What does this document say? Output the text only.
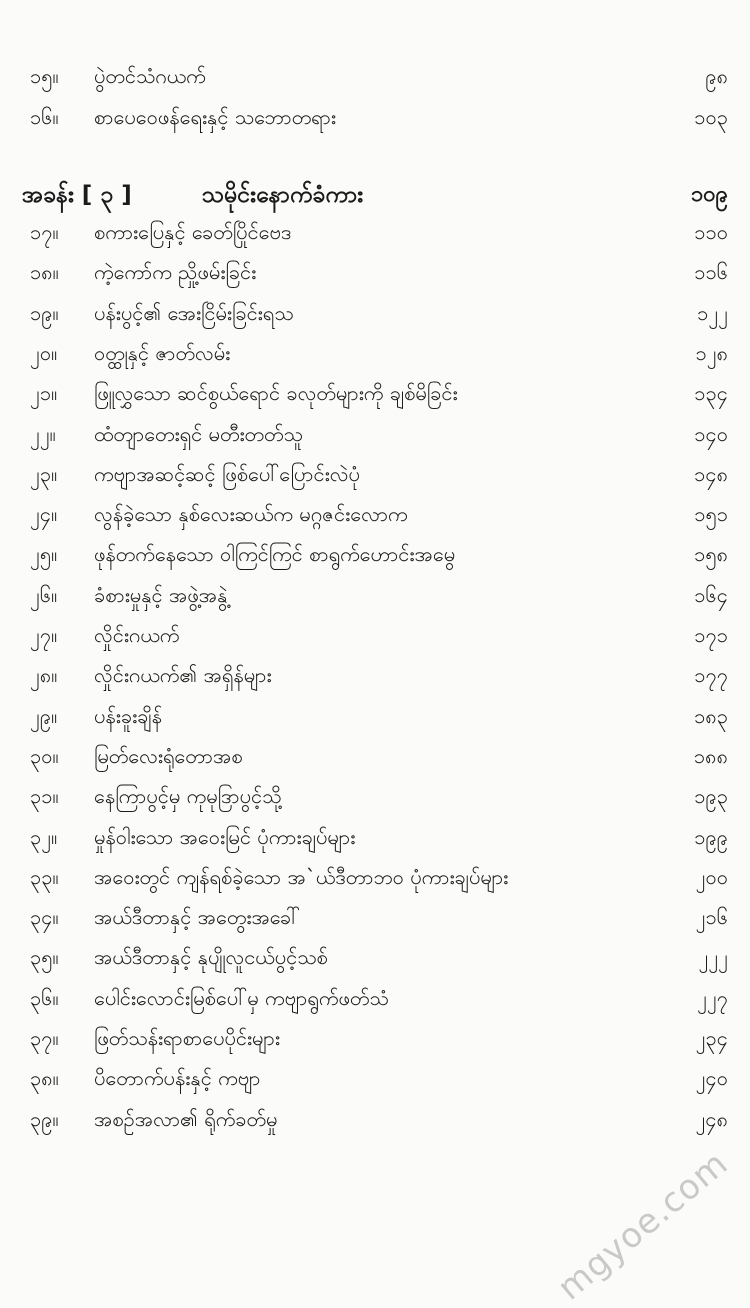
၁၅။ ပွဲတင်သံဂယက်	၉၈
၁၆။ စာပေဝေဖန်ရေးနှင့် သဘောတရား	၁၀၃
အခန်း [ ၃ ]	သမိုင်းနောက်ခံကား	၁၀၉
၁၇။ စကားပြေနှင့် ခေတ်ပြိုင်ဗေဒ	၁၁၀
၁၈။ ကဲ့ကော်က ညှို့ဖမ်းခြင်း	၁၁၆
၁၉။ ပန်းပွင့်၏ အေးငြိမ်းခြင်းရသ	၁၂၂
၂၀။ ဝတ္ထုနှင့် ဇာတ်လမ်း	၁၂၈
၂၁။ ဖြူလွှသော ဆင်စွယ်ရောင် ခလုတ်များကို ချစ်မိခြင်း	၁၃၄
၂၂။ ထံတျာတေးရှင် မတီးတတ်သူ	၁၄၀
၂၃။ ကဗျာအဆင့်ဆင့် ဖြစ်ပေါ်ပြောင်းလဲပုံ	၁၄၈
၂၄။ လွန်ခဲ့သော နှစ်လေးဆယ်က မဂ္ဂဇင်းလောက	၁၅၁
၂၅။ ဖုန်တက်နေသော ဝါကြင်ကြင် စာရွက်ဟောင်းအမွေ	၁၅၈
၂၆။ ခံစားမှုနှင့် အဖွဲ့အနွဲ့	၁၆၄
၂၇။ လှိုင်းဂယက်	၁၇၁
၂၈။ လှိုင်းဂယက်၏ အရှိန်များ	၁၇၇
၂၉။ ပန်းခူးချိန်	၁၈၃
၃၀။ မြတ်လေးရုံတောအစ	၁၈၈
၃၁။ နေကြာပွင့်မှ ကုမုဒြာပွင့်သို့	၁၉၃
၃၂။ မှုန်ဝါးသော အဝေးမြင် ပုံကားချပ်များ	၁၉၉
၃၃။ အဝေးတွင် ကျန်ရစ်ခဲ့သော အ`ယ်ဒီတာဘဝ ပုံကားချပ်များ	၂၀၀
၃၄။ အယ်ဒီတာနှင့် အတွေးအခေါ်	၂၁၆
၃၅။ အယ်ဒီတာနှင့် နုပျိုလူငယ်ပွင့်သစ်	၂၂၂
၃၆။ ပေါင်းလောင်းမြစ်ပေါ်မှ ကဗျာရွက်ဖတ်သံ	၂၂၇
၃၇။ ဖြတ်သန်းရာစာပေပိုင်းများ	၂၃၄
၃၈။ ပိတောက်ပန်းနှင့် ကဗျာ	၂၄၀
၃၉။ အစဉ်အလာ၏ ရိုက်ခတ်မှု	၂၄၈
mgyoe.com
